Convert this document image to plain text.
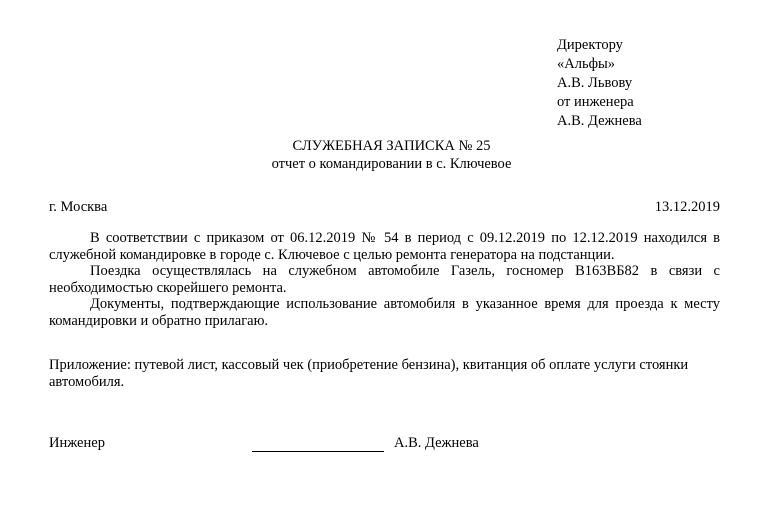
Директору
«Альфы»
А.В. Львову
от инженера
А.В. Дежнева
СЛУЖЕБНАЯ ЗАПИСКА № 25
отчет о командировании в с. Ключевое
г. Москва	13.12.2019

В соответствии с приказом от 06.12.2019 № 54 в период с 09.12.2019 по 12.12.2019 находился в служебной командировке в городе с. Ключевое с целью ремонта генератора на подстанции.

Поездка осуществлялась на служебном автомобиле Газель, госномер В163ВБ82 в связи с необходимостью скорейшего ремонта.

Документы, подтверждающие использование автомобиля в указанное время для проезда к месту командировки и обратно прилагаю.

Приложение: путевой лист, кассовый чек (приобретение бензина), квитанция об оплате услуги стоянки автомобиля.

Инженер	А.В. Дежнева
